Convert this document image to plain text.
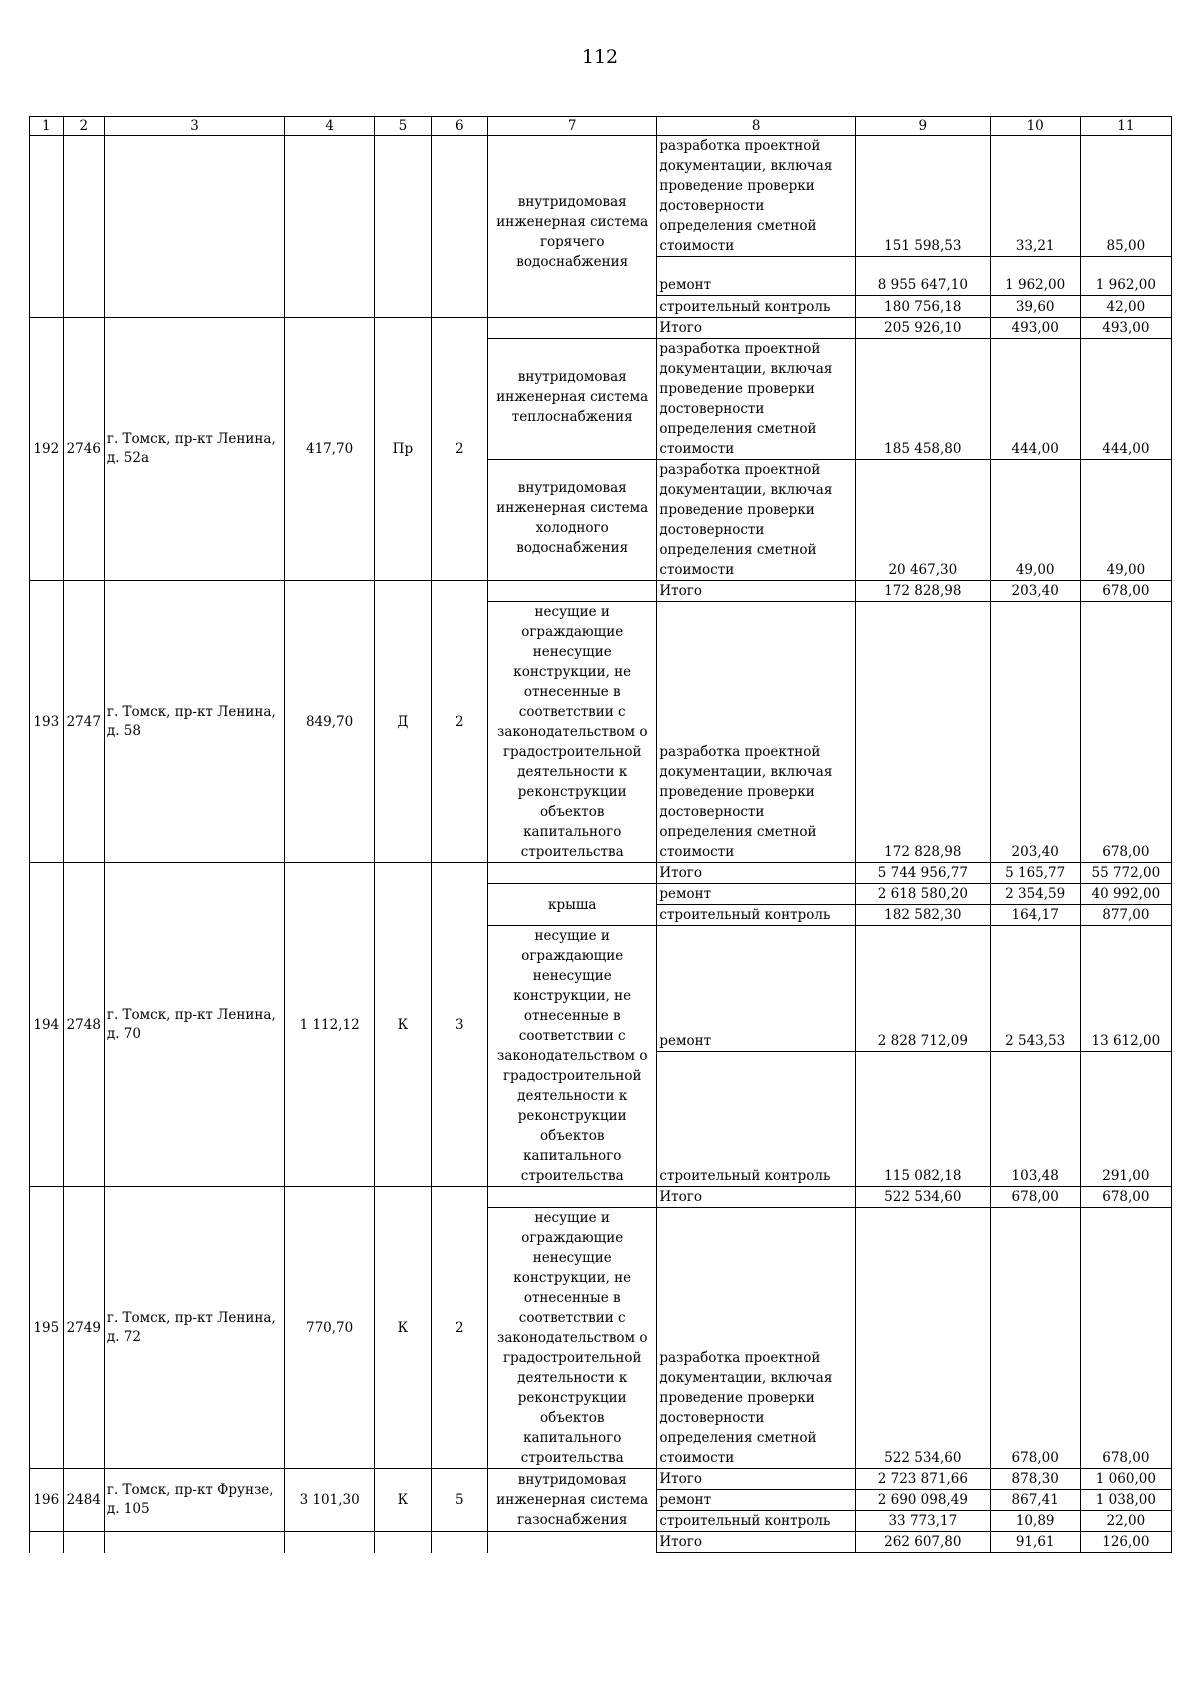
112
1	2	3	4	5	6	7	8	9	10	11
						внутридомовая инженерная система горячего водоснабжения	разработка проектной документации, включая проведение проверки достоверности определения сметной стоимости	151 598,53	33,21	85,00
							ремонт	8 955 647,10	1 962,00	1 962,00
							строительный контроль	180 756,18	39,60	42,00
192	2746	г. Томск, пр-кт Ленина, д. 52а	417,70	Пр	2		Итого	205 926,10	493,00	493,00
						внутридомовая инженерная система теплоснабжения	разработка проектной документации, включая проведение проверки достоверности определения сметной стоимости	185 458,80	444,00	444,00
						внутридомовая инженерная система холодного водоснабжения	разработка проектной документации, включая проведение проверки достоверности определения сметной стоимости	20 467,30	49,00	49,00
193	2747	г. Томск, пр-кт Ленина, д. 58	849,70	Д	2		Итого	172 828,98	203,40	678,00
						несущие и ограждающие ненесущие конструкции, не отнесенные в соответствии с законодательством о градостроительной деятельности к реконструкции объектов капитального строительства	разработка проектной документации, включая проведение проверки достоверности определения сметной стоимости	172 828,98	203,40	678,00
194	2748	г. Томск, пр-кт Ленина, д. 70	1 112,12	К	3		Итого	5 744 956,77	5 165,77	55 772,00
						крыша	ремонт	2 618 580,20	2 354,59	40 992,00
							строительный контроль	182 582,30	164,17	877,00
						несущие и ограждающие ненесущие конструкции, не отнесенные в соответствии с законодательством о градостроительной деятельности к реконструкции объектов капитального строительства	ремонт	2 828 712,09	2 543,53	13 612,00
							строительный контроль	115 082,18	103,48	291,00
195	2749	г. Томск, пр-кт Ленина, д. 72	770,70	К	2		Итого	522 534,60	678,00	678,00
						несущие и ограждающие ненесущие конструкции, не отнесенные в соответствии с законодательством о градостроительной деятельности к реконструкции объектов капитального строительства	разработка проектной документации, включая проведение проверки достоверности определения сметной стоимости	522 534,60	678,00	678,00
196	2484	г. Томск, пр-кт Фрунзе, д. 105	3 101,30	К	5	внутридомовая инженерная система газоснабжения	Итого	2 723 871,66	878,30	1 060,00
							ремонт	2 690 098,49	867,41	1 038,00
							строительный контроль	33 773,17	10,89	22,00
							Итого	262 607,80	91,61	126,00
